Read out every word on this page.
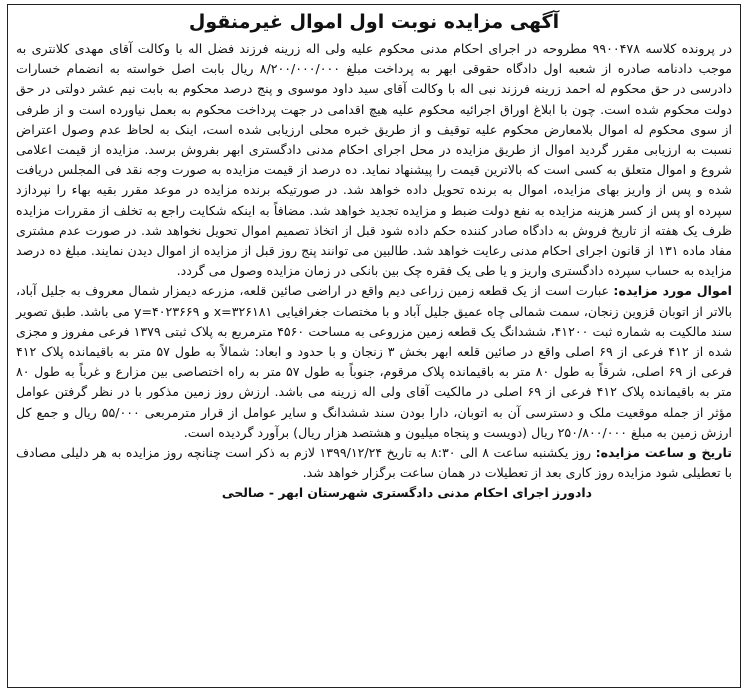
آگهی مزایده نوبت اول اموال غیرمنقول

در پرونده کلاسه ۹۹۰۰۴۷۸ مطروحه در اجرای احکام مدنی محکوم علیه ولی اله زرینه فرزند فضل اله با وکالت آقای مهدی کلانتری به موجب دادنامه صادره از شعبه اول دادگاه حقوقی ابهر به پرداخت مبلغ ۸/۲۰۰/۰۰۰/۰۰۰ ریال بابت اصل خواسته به انضمام خسارات دادرسی در حق محکوم له احمد زرینه فرزند نبی اله با وکالت آقای سید داود موسوی و پنج درصد محکوم به بابت نیم عشر دولتی در حق دولت محکوم شده است. چون با ابلاغ اوراق اجرائیه محکوم علیه هیچ اقدامی در جهت پرداخت محکوم به بعمل نیاورده است و از طرفی از سوی محکوم له اموال بلامعارض محکوم علیه توقیف و از طریق خبره محلی ارزیابی شده است، اینک به لحاظ عدم وصول اعتراض نسبت به ارزیابی مقرر گردید اموال از طریق مزایده در محل اجرای احکام مدنی دادگستری ابهر بفروش برسد. مزایده از قیمت اعلامی شروع و اموال متعلق به کسی است که بالاترین قیمت را پیشنهاد نماید. ده درصد از قیمت مزایده به صورت وجه نقد فی المجلس دریافت شده و پس از واریز بهای مزایده، اموال به برنده تحویل داده خواهد شد. در صورتیکه برنده مزایده در موعد مقرر بقیه بهاء را نپردازد سپرده او پس از کسر هزینه مزایده به نفع دولت ضبط و مزایده تجدید خواهد شد. مضافاً به اینکه شکایت راجع به تخلف از مقررات مزایده ظرف یک هفته از تاریخ فروش به دادگاه صادر کننده حکم داده شود قبل از اتخاذ تصمیم اموال تحویل نخواهد شد. در صورت عدم مشتری مفاد ماده ۱۳۱ از قانون اجرای احکام مدنی رعایت خواهد شد. طالبین می توانند پنج روز قبل از مزایده از اموال دیدن نمایند. مبلغ ده درصد مزایده به حساب سپرده دادگستری واریز و یا طی یک فقره چک بین بانکی در زمان مزایده وصول می گردد.

اموال مورد مزایده: عبارت است از یک قطعه زمین زراعی دیم واقع در اراضی صائین قلعه، مزرعه دیمزار شمال معروف به جلیل آباد، بالاتر از اتوبان قزوین زنجان، سمت شمالی چاه عمیق جلیل آباد و با مختصات جغرافیایی x=۳۲۶۱۸۱ و y=۴۰۲۳۶۶۹ می باشد. طبق تصویر سند مالکیت به شماره ثبت ۴۱۲۰۰، ششدانگ یک قطعه زمین مزروعی به مساحت ۴۵۶۰ مترمربع به پلاک ثبتی ۱۳۷۹ فرعی مفروز و مجزی شده از ۴۱۲ فرعی از ۶۹ اصلی واقع در صائین قلعه ابهر بخش ۳ زنجان و با حدود و ابعاد: شمالاً به طول ۵۷ متر به باقیمانده پلاک ۴۱۲ فرعی از ۶۹ اصلی، شرقاً به طول ۸۰ متر به باقیمانده پلاک مرقوم، جنوباً به طول ۵۷ متر به راه اختصاصی بین مزارع و غرباً به طول ۸۰ متر به باقیمانده پلاک ۴۱۲ فرعی از ۶۹ اصلی در مالکیت آقای ولی اله زرینه می باشد. ارزش روز زمین مذکور با در نظر گرفتن عوامل مؤثر از جمله موقعیت ملک و دسترسی آن به اتوبان، دارا بودن سند ششدانگ و سایر عوامل از قرار مترمربعی ۵۵/۰۰۰ ریال و جمع کل ارزش زمین به مبلغ ۲۵۰/۸۰۰/۰۰۰ ریال (دویست و پنجاه میلیون و هشتصد هزار ریال) برآورد گردیده است.

تاریخ و ساعت مزایده: روز یکشنبه ساعت ۸ الی ۸:۳۰ به تاریخ ۱۳۹۹/۱۲/۲۴ لازم به ذکر است چنانچه روز مزایده به هر دلیلی مصادف با تعطیلی شود مزایده روز کاری بعد از تعطیلات در همان ساعت برگزار خواهد شد.

دادورز اجرای احکام مدنی دادگستری شهرستان ابهر - صالحی
